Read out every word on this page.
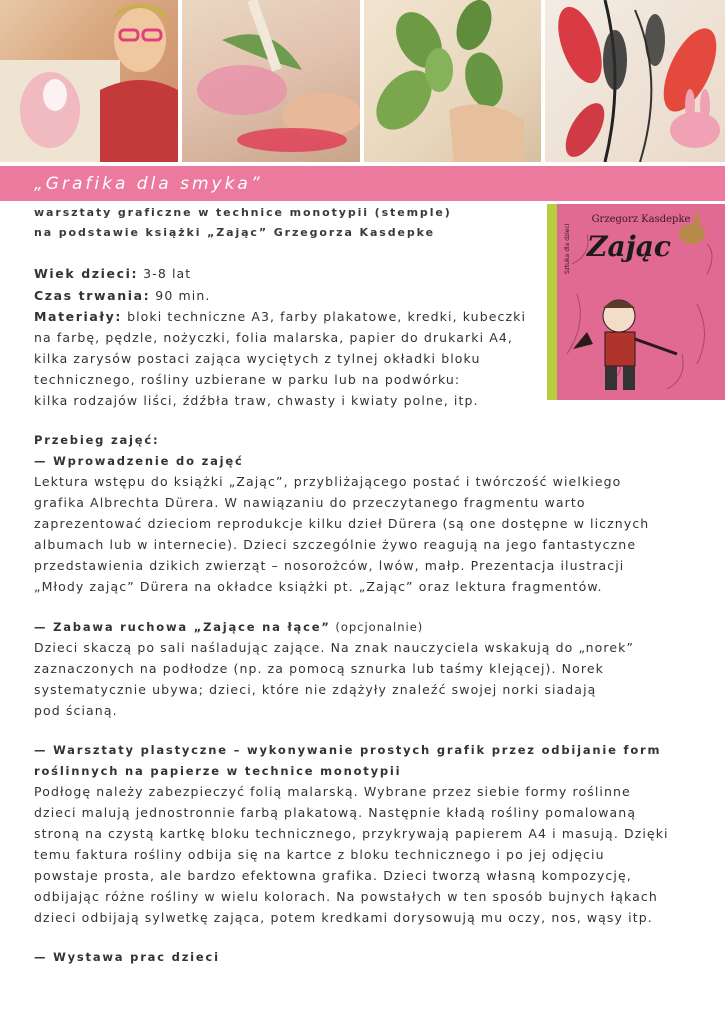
„Grafika dla smyka”
warsztaty graficzne w technice monotypii (stemple)
na podstawie książki „Zając” Grzegorza Kasdepke
Grzegorz Kasdepke
Zając
Sztuka dla dzieci
Wiek dzieci: 3-8 lat
Czas trwania: 90 min.
Materiały: bloki techniczne A3, farby plakatowe, kredki, kubeczki
na farbę, pędzle, nożyczki, folia malarska, papier do drukarki A4,
kilka zarysów postaci zająca wyciętych z tylnej okładki bloku
technicznego, rośliny uzbierane w parku lub na podwórku:
kilka rodzajów liści, źdźbła traw, chwasty i kwiaty polne, itp.
Przebieg zajęć:
— Wprowadzenie do zajęć
Lektura wstępu do książki „Zając”, przybliżającego postać i twórczość wielkiego
grafika Albrechta Dürera. W nawiązaniu do przeczytanego fragmentu warto
zaprezentować dzieciom reprodukcje kilku dzieł Dürera (są one dostępne w licznych
albumach lub w internecie). Dzieci szczególnie żywo reagują na jego fantastyczne
przedstawienia dzikich zwierząt – nosorożców, lwów, małp. Prezentacja ilustracji
„Młody zając” Dürera na okładce książki pt. „Zając” oraz lektura fragmentów.
— Zabawa ruchowa „Zające na łące” (opcjonalnie)
Dzieci skaczą po sali naśladując zające. Na znak nauczyciela wskakują do „norek”
zaznaczonych na podłodze (np. za pomocą sznurka lub taśmy klejącej). Norek
systematycznie ubywa; dzieci, które nie zdążyły znaleźć swojej norki siadają
pod ścianą.
— Warsztaty plastyczne – wykonywanie prostych grafik przez odbijanie form
roślinnych na papierze w technice monotypii
Podłogę należy zabezpieczyć folią malarską. Wybrane przez siebie formy roślinne
dzieci malują jednostronnie farbą plakatową. Następnie kładą rośliny pomalowaną
stroną na czystą kartkę bloku technicznego, przykrywają papierem A4 i masują. Dzięki
temu faktura rośliny odbija się na kartce z bloku technicznego i po jej odjęciu
powstaje prosta, ale bardzo efektowna grafika. Dzieci tworzą własną kompozycję,
odbijając różne rośliny w wielu kolorach. Na powstałych w ten sposób bujnych łąkach
dzieci odbijają sylwetkę zająca, potem kredkami dorysowują mu oczy, nos, wąsy itp.
— Wystawa prac dzieci
